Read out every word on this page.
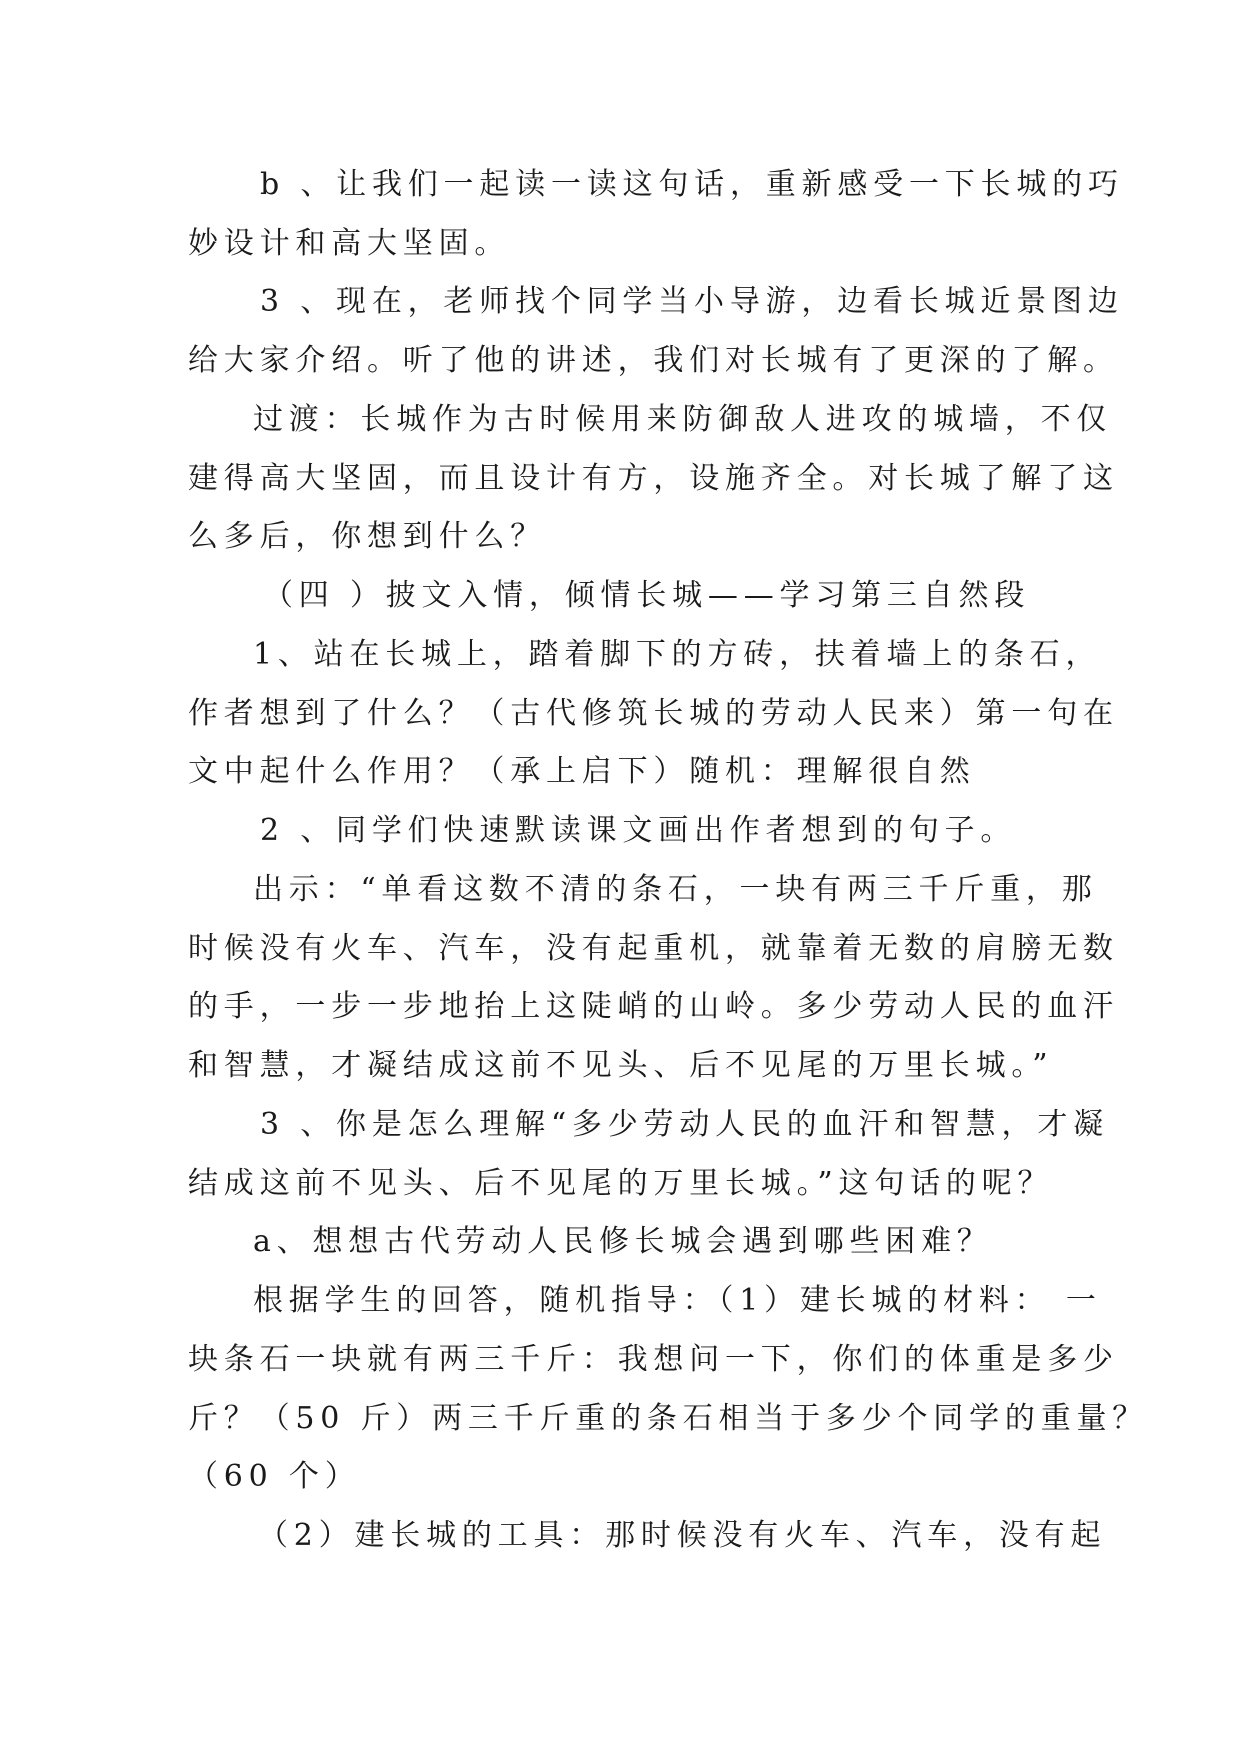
b 、让我们一起读一读这句话，重新感受一下长城的巧
妙设计和高大坚固。
3 、现在，老师找个同学当小导游，边看长城近景图边
给大家介绍。听了他的讲述，我们对长城有了更深的了解。
过渡：长城作为古时候用来防御敌人进攻的城墙，不仅
建得高大坚固，而且设计有方，设施齐全。对长城了解了这
么多后，你想到什么？
（四 ）披文入情，倾情长城——学习第三自然段
1、站在长城上，踏着脚下的方砖，扶着墙上的条石，
作者想到了什么？（古代修筑长城的劳动人民来）第一句在
文中起什么作用？（承上启下）随机：理解很自然
2 、同学们快速默读课文画出作者想到的句子。
出示：“单看这数不清的条石，一块有两三千斤重，那
时候没有火车、汽车，没有起重机，就靠着无数的肩膀无数
的手，一步一步地抬上这陡峭的山岭。多少劳动人民的血汗
和智慧，才凝结成这前不见头、后不见尾的万里长城。”
3 、你是怎么理解“多少劳动人民的血汗和智慧，才凝
结成这前不见头、后不见尾的万里长城。”这句话的呢？
a、想想古代劳动人民修长城会遇到哪些困难？
根据学生的回答，随机指导：（1）建长城的材料： 一
块条石一块就有两三千斤：我想问一下，你们的体重是多少
斤？（50 斤）两三千斤重的条石相当于多少个同学的重量？
（60 个）
（2）建长城的工具：那时候没有火车、汽车，没有起
